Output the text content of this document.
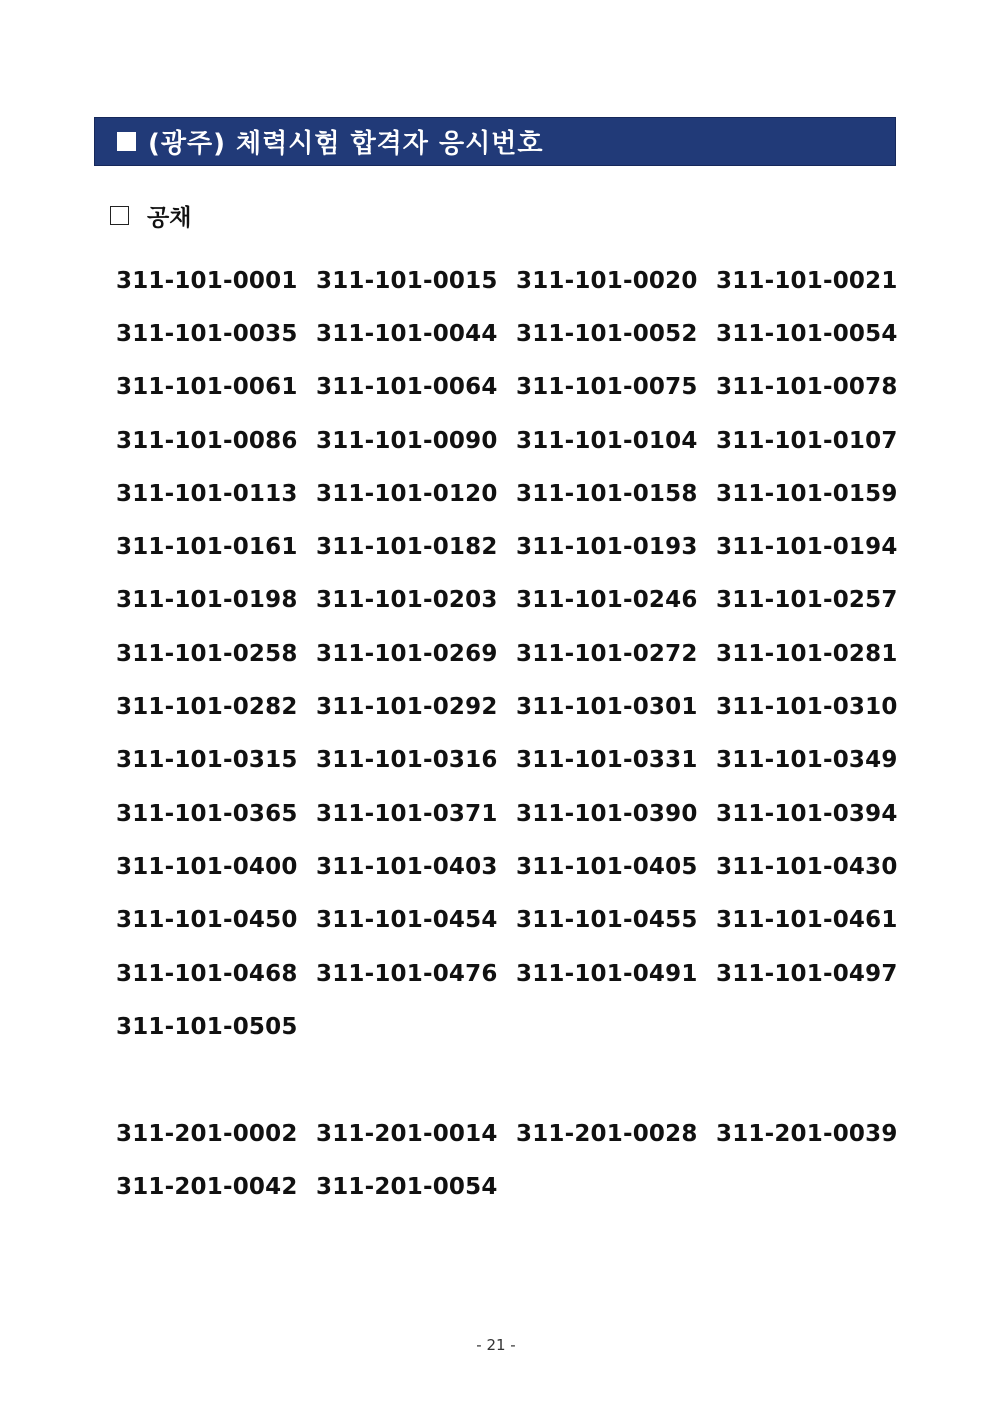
(광주) 체력시험 합격자 응시번호
공채
311-101-0001 311-101-0015 311-101-0020 311-101-0021
311-101-0035 311-101-0044 311-101-0052 311-101-0054
311-101-0061 311-101-0064 311-101-0075 311-101-0078
311-101-0086 311-101-0090 311-101-0104 311-101-0107
311-101-0113 311-101-0120 311-101-0158 311-101-0159
311-101-0161 311-101-0182 311-101-0193 311-101-0194
311-101-0198 311-101-0203 311-101-0246 311-101-0257
311-101-0258 311-101-0269 311-101-0272 311-101-0281
311-101-0282 311-101-0292 311-101-0301 311-101-0310
311-101-0315 311-101-0316 311-101-0331 311-101-0349
311-101-0365 311-101-0371 311-101-0390 311-101-0394
311-101-0400 311-101-0403 311-101-0405 311-101-0430
311-101-0450 311-101-0454 311-101-0455 311-101-0461
311-101-0468 311-101-0476 311-101-0491 311-101-0497
311-101-0505
311-201-0002 311-201-0014 311-201-0028 311-201-0039
311-201-0042 311-201-0054
- 21 -
